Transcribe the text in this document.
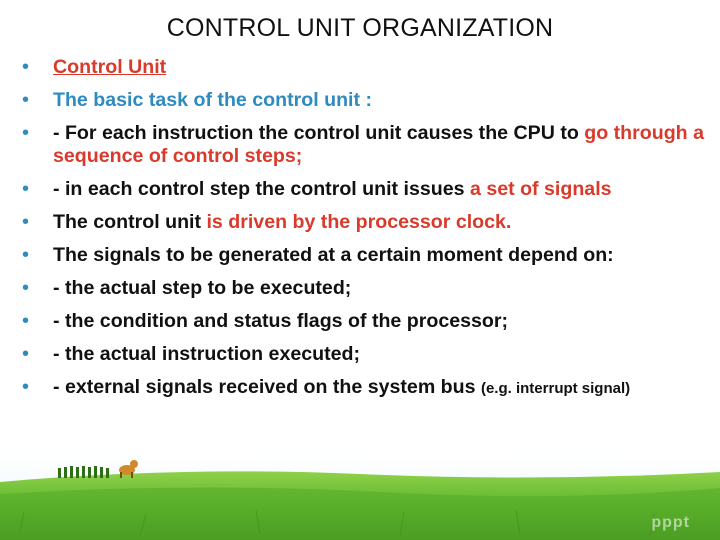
CONTROL UNIT ORGANIZATION
• Control Unit
• The basic task of the control unit :
• - For each instruction the control unit causes the CPU to go through a sequence of control steps;
• - in each control step the control unit issues a set of signals
• The control unit is driven by the processor clock.
• The signals to be generated at a certain moment depend on:
• - the actual step to be executed;
• - the condition and status flags of the processor;
• - the actual instruction executed;
• - external signals received on the system bus (e.g. interrupt signal)
pppt
